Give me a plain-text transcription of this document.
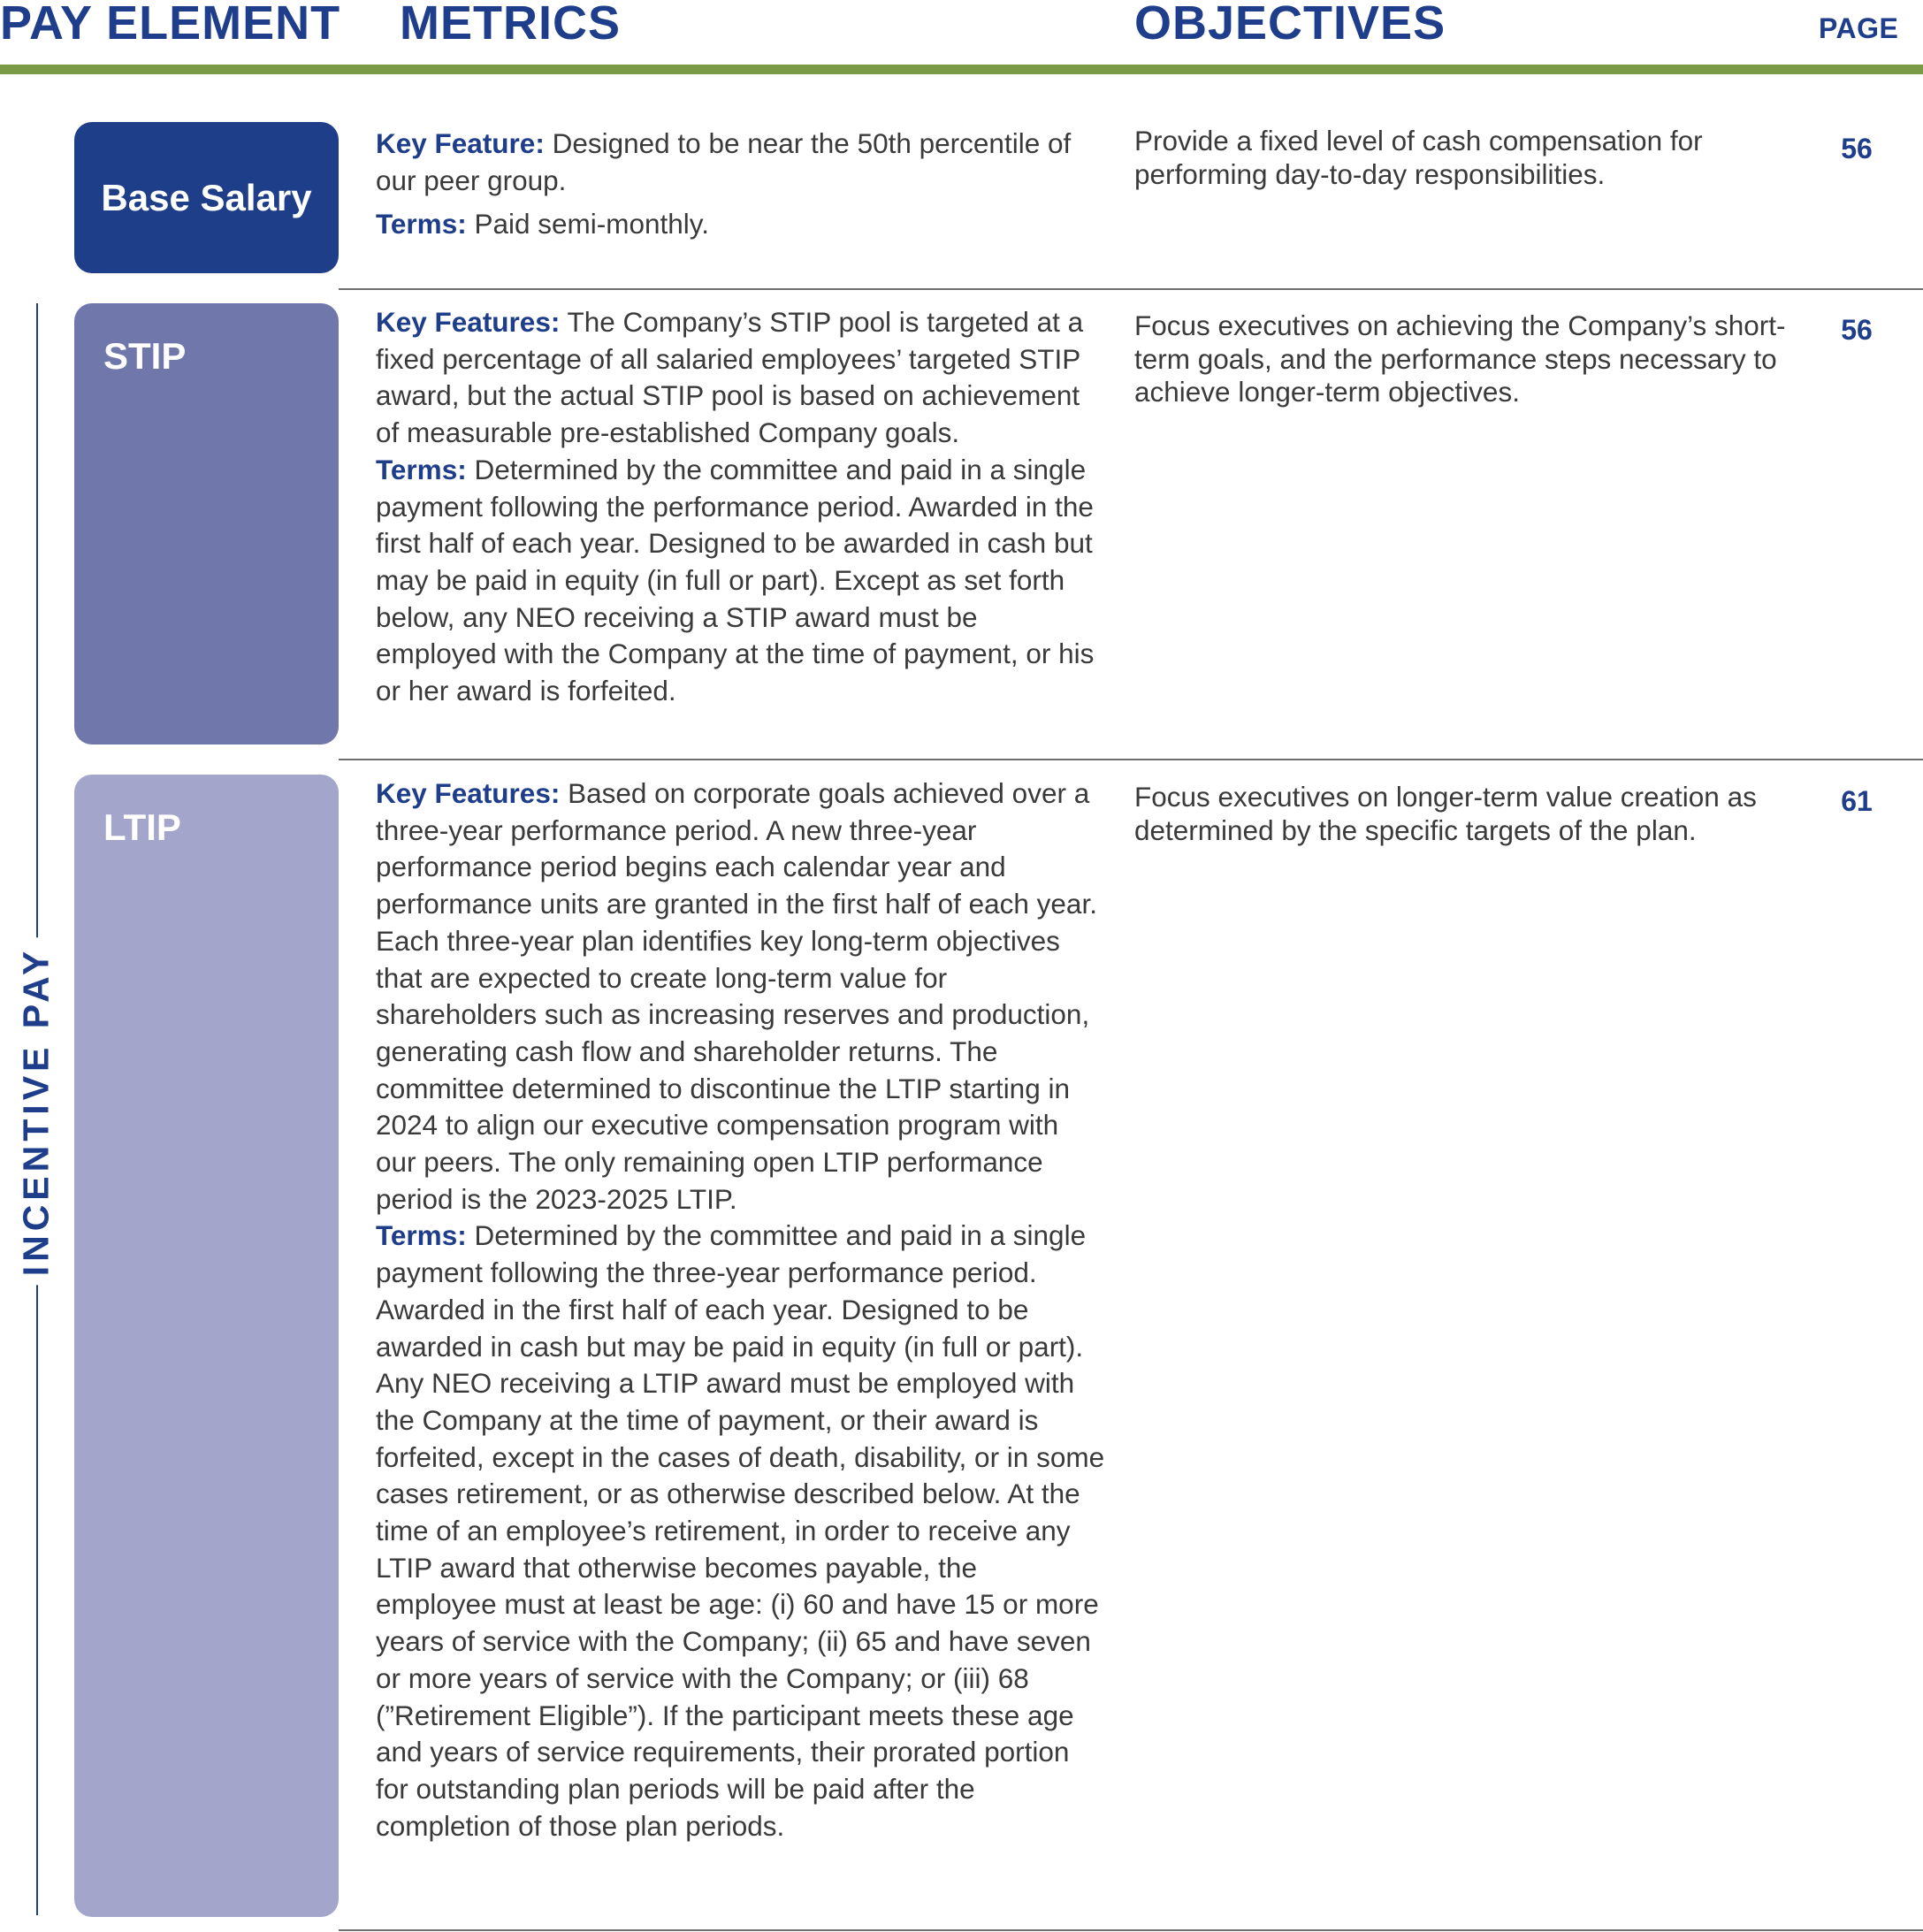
PAY ELEMENT METRICS	OBJECTIVES	PAGE
INCENTIVE PAY
Base Salary

Key Feature: Designed to be near the 50th percentile of our peer group.

Terms: Paid semi-monthly.

Provide a fixed level of cash compensation for performing day-to-day responsibilities.
56
STIP

Key Features: The Company’s STIP pool is targeted at a fixed percentage of all salaried employees’ targeted STIP award, but the actual STIP pool is based on achievement of measurable pre-established Company goals.

Terms: Determined by the committee and paid in a single payment following the performance period. Awarded in the first half of each year. Designed to be awarded in cash but may be paid in equity (in full or part). Except as set forth below, any NEO receiving a STIP award must be employed with the Company at the time of payment, or his or her award is forfeited.

Focus executives on achieving the Company’s short-term goals, and the performance steps necessary to achieve longer-term objectives.
56
LTIP

Key Features: Based on corporate goals achieved over a three-year performance period. A new three-year performance period begins each calendar year and performance units are granted in the first half of each year. Each three-year plan identifies key long-term objectives that are expected to create long-term value for shareholders such as increasing reserves and production, generating cash flow and shareholder returns. The committee determined to discontinue the LTIP starting in 2024 to align our executive compensation program with our peers. The only remaining open LTIP performance period is the 2023-2025 LTIP.

Terms: Determined by the committee and paid in a single payment following the three-year performance period. Awarded in the first half of each year. Designed to be awarded in cash but may be paid in equity (in full or part). Any NEO receiving a LTIP award must be employed with the Company at the time of payment, or their award is forfeited, except in the cases of death, disability, or in some cases retirement, or as otherwise described below. At the time of an employee’s retirement, in order to receive any LTIP award that otherwise becomes payable, the employee must at least be age: (i) 60 and have 15 or more years of service with the Company; (ii) 65 and have seven or more years of service with the Company; or (iii) 68 (”Retirement Eligible”). If the participant meets these age and years of service requirements, their prorated portion for outstanding plan periods will be paid after the completion of those plan periods.

Focus executives on longer-term value creation as determined by the specific targets of the plan.
61
